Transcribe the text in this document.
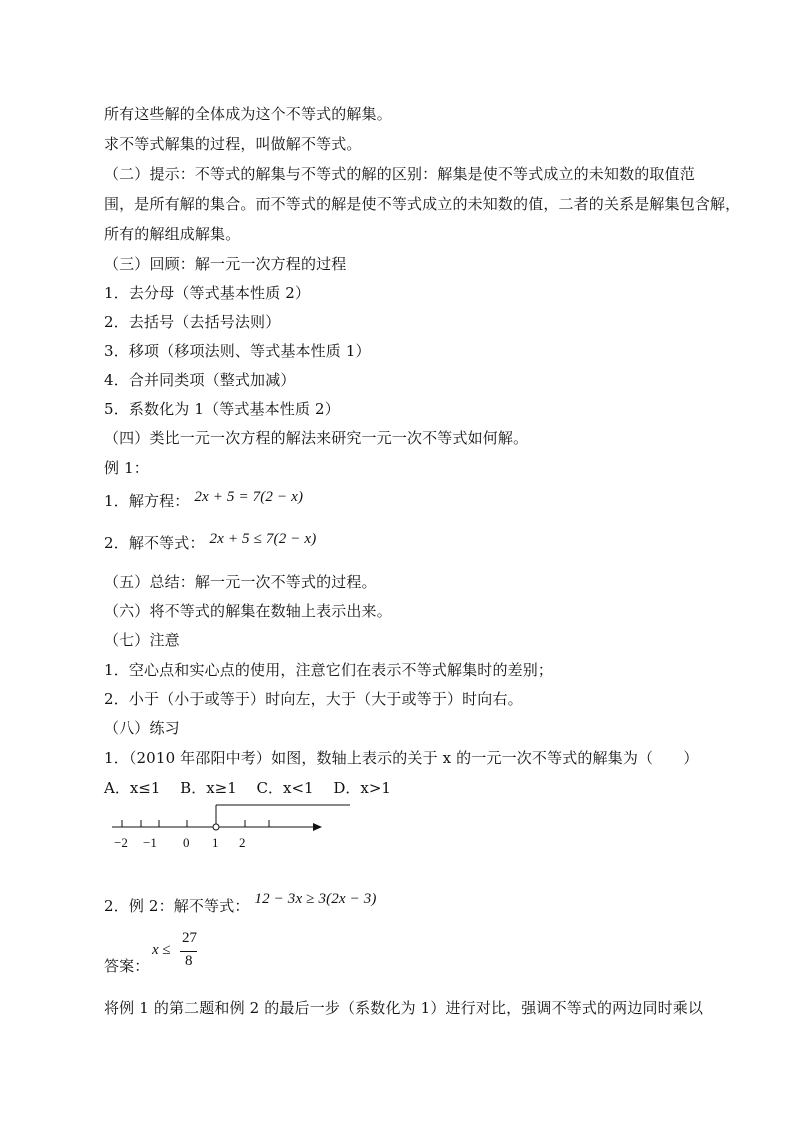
所有这些解的全体成为这个不等式的解集。
求不等式解集的过程，叫做解不等式。
（二）提示：不等式的解集与不等式的解的区别：解集是使不等式成立的未知数的取值范
围，是所有解的集合。而不等式的解是使不等式成立的未知数的值，二者的关系是解集包含解，
所有的解组成解集。
（三）回顾：解一元一次方程的过程
1．去分母（等式基本性质 2）
2．去括号（去括号法则）
3．移项（移项法则、等式基本性质 1）
4．合并同类项（整式加减）
5．系数化为 1（等式基本性质 2）
（四）类比一元一次方程的解法来研究一元一次不等式如何解。
例 1：
1．解方程： 2x + 5 = 7(2 − x)
2．解不等式： 2x + 5 ≤ 7(2 − x)
（五）总结：解一元一次不等式的过程。
（六）将不等式的解集在数轴上表示出来。
（七）注意
1．空心点和实心点的使用，注意它们在表示不等式解集时的差别；
2．小于（小于或等于）时向左，大于（大于或等于）时向右。
（八）练习
1．（2010 年邵阳中考）如图，数轴上表示的关于 x 的一元一次不等式的解集为（　　）
A．x≤1　 B．x≥1　 C．x<1　 D．x>1
−2 −1 0 1 2
2．例 2：解不等式： 12 − 3x ≥ 3(2x − 3)
答案：
x ≤
27
8
将例 1 的第二题和例 2 的最后一步（系数化为 1）进行对比，强调不等式的两边同时乘以
